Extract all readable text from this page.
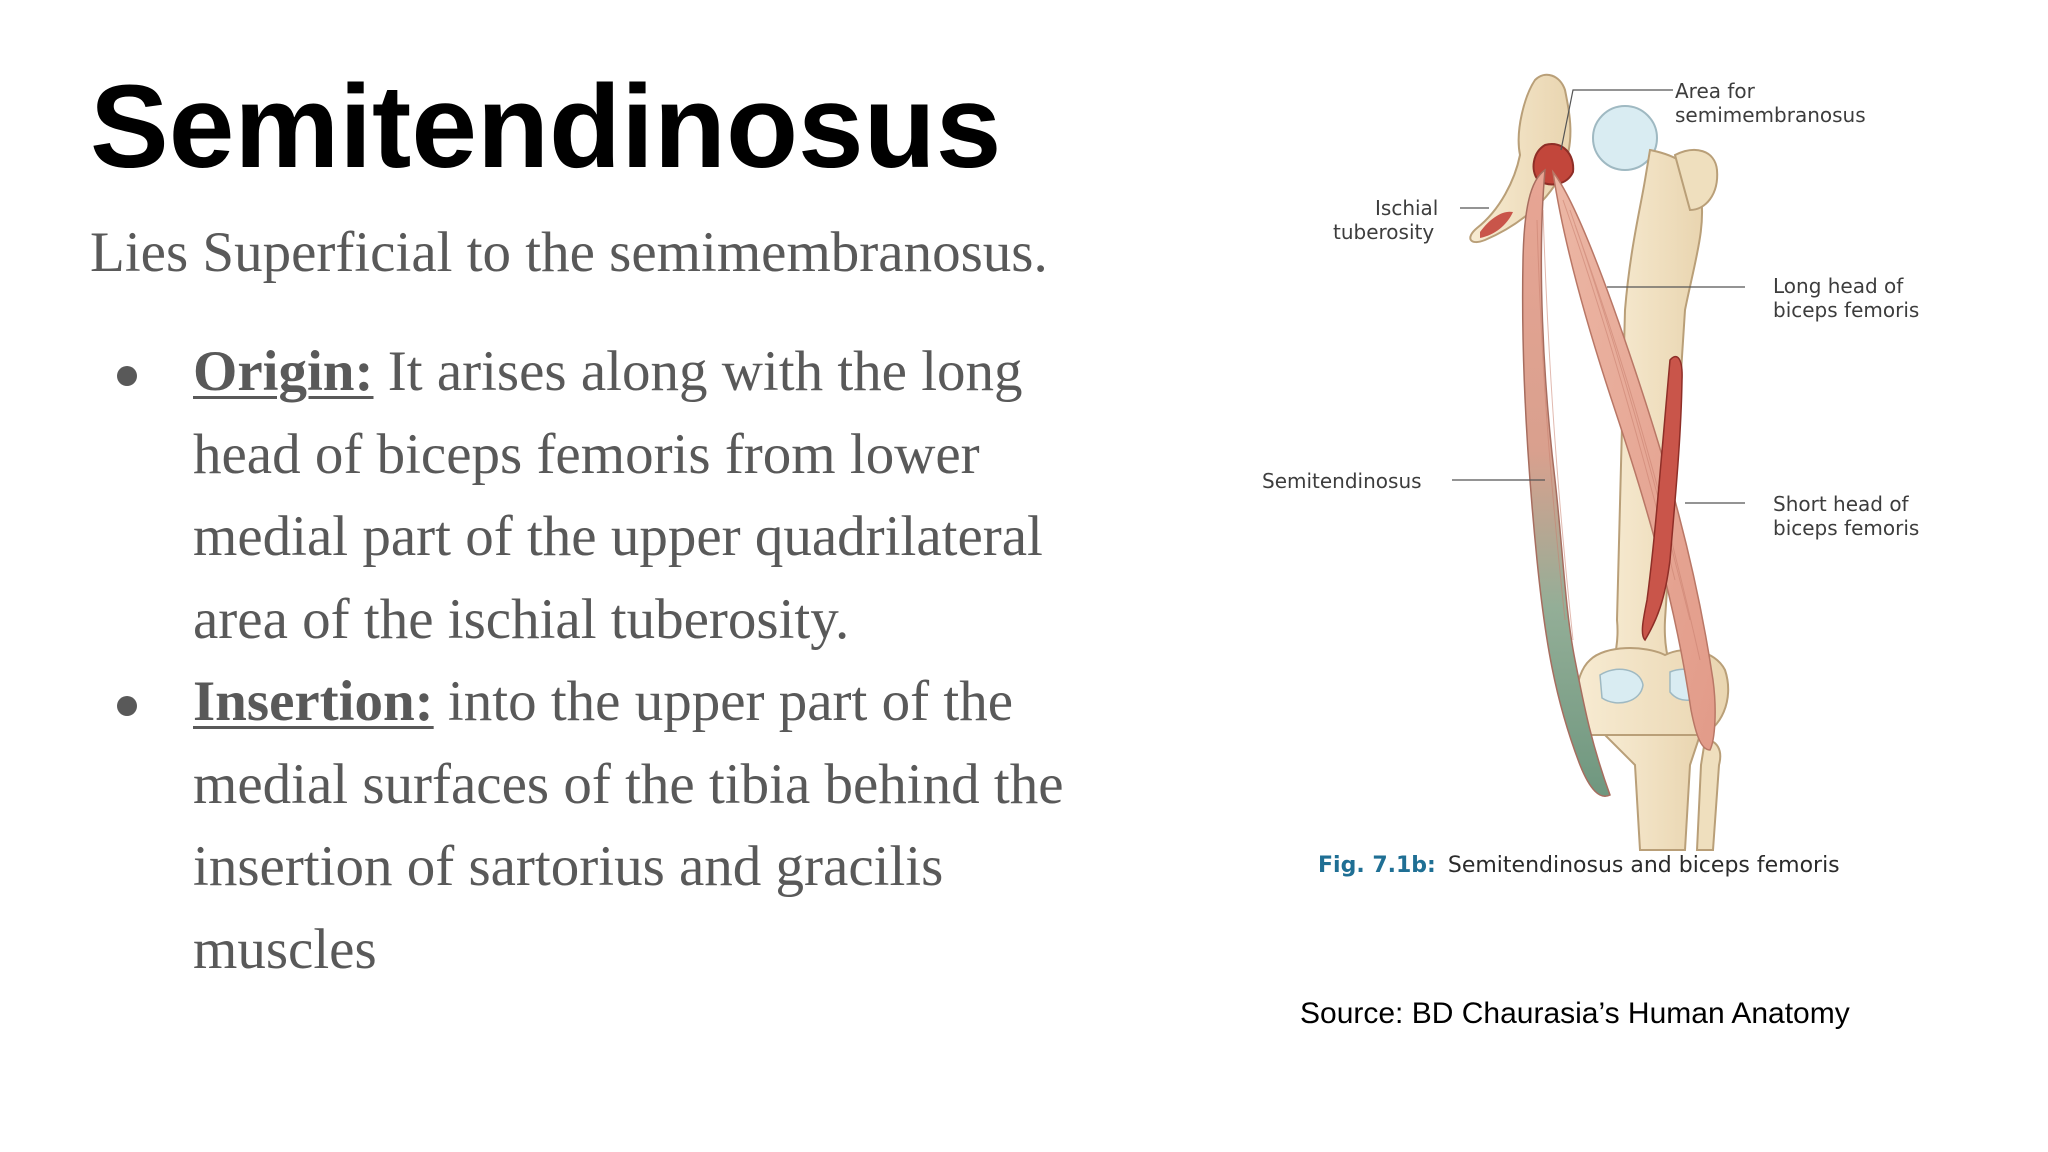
Semitendinosus

Lies Superficial to the semimembranosus.

Origin: It arises along with the long
head of biceps femoris from lower
medial part of the upper quadrilateral
area of the ischial tuberosity.
Insertion: into the upper part of the
medial surfaces of the tibia behind the
insertion of sartorius and gracilis
muscles
Area for
semimembranosus
Ischial
tuberosity
Long head of
biceps femoris
Semitendinosus
Short head of
biceps femoris
Fig. 7.1b: Semitendinosus and biceps femoris

Source: BD Chaurasia’s Human Anatomy
